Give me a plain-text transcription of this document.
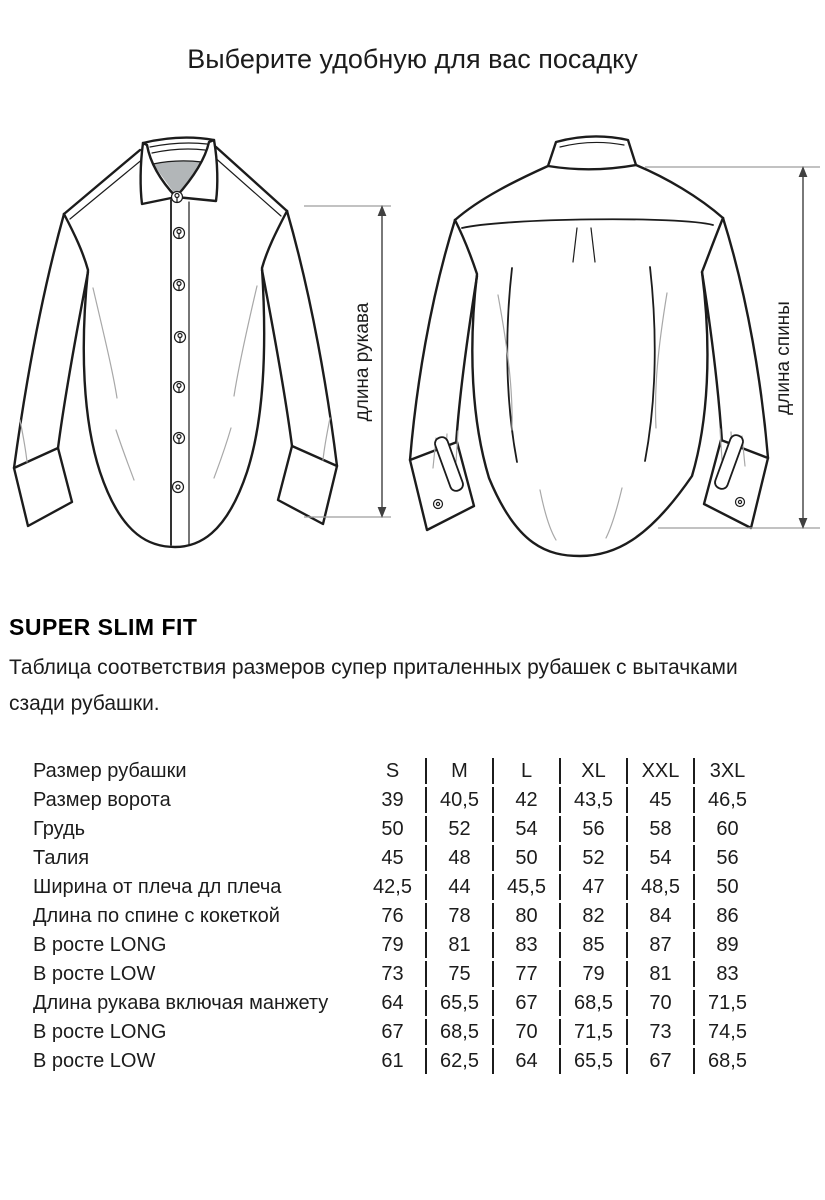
Выберите удобную для вас посадку
длина рукава	длина спины
SUPER SLIM FIT

Таблица соответствия размеров супер приталенных рубашек с вытачками
сзади рубашки.

Размер рубашки	S	M	L	XL	XXL	3XL
Размер ворота	39	40,5	42	43,5	45	46,5
Грудь	50	52	54	56	58	60
Талия	45	48	50	52	54	56
Ширина от плеча дл плеча	42,5	44	45,5	47	48,5	50
Длина по спине с кокеткой	76	78	80	82	84	86
В росте LONG	79	81	83	85	87	89
В росте LOW	73	75	77	79	81	83
Длина рукава включая манжету	64	65,5	67	68,5	70	71,5
В росте LONG	67	68,5	70	71,5	73	74,5
В росте LOW	61	62,5	64	65,5	67	68,5
